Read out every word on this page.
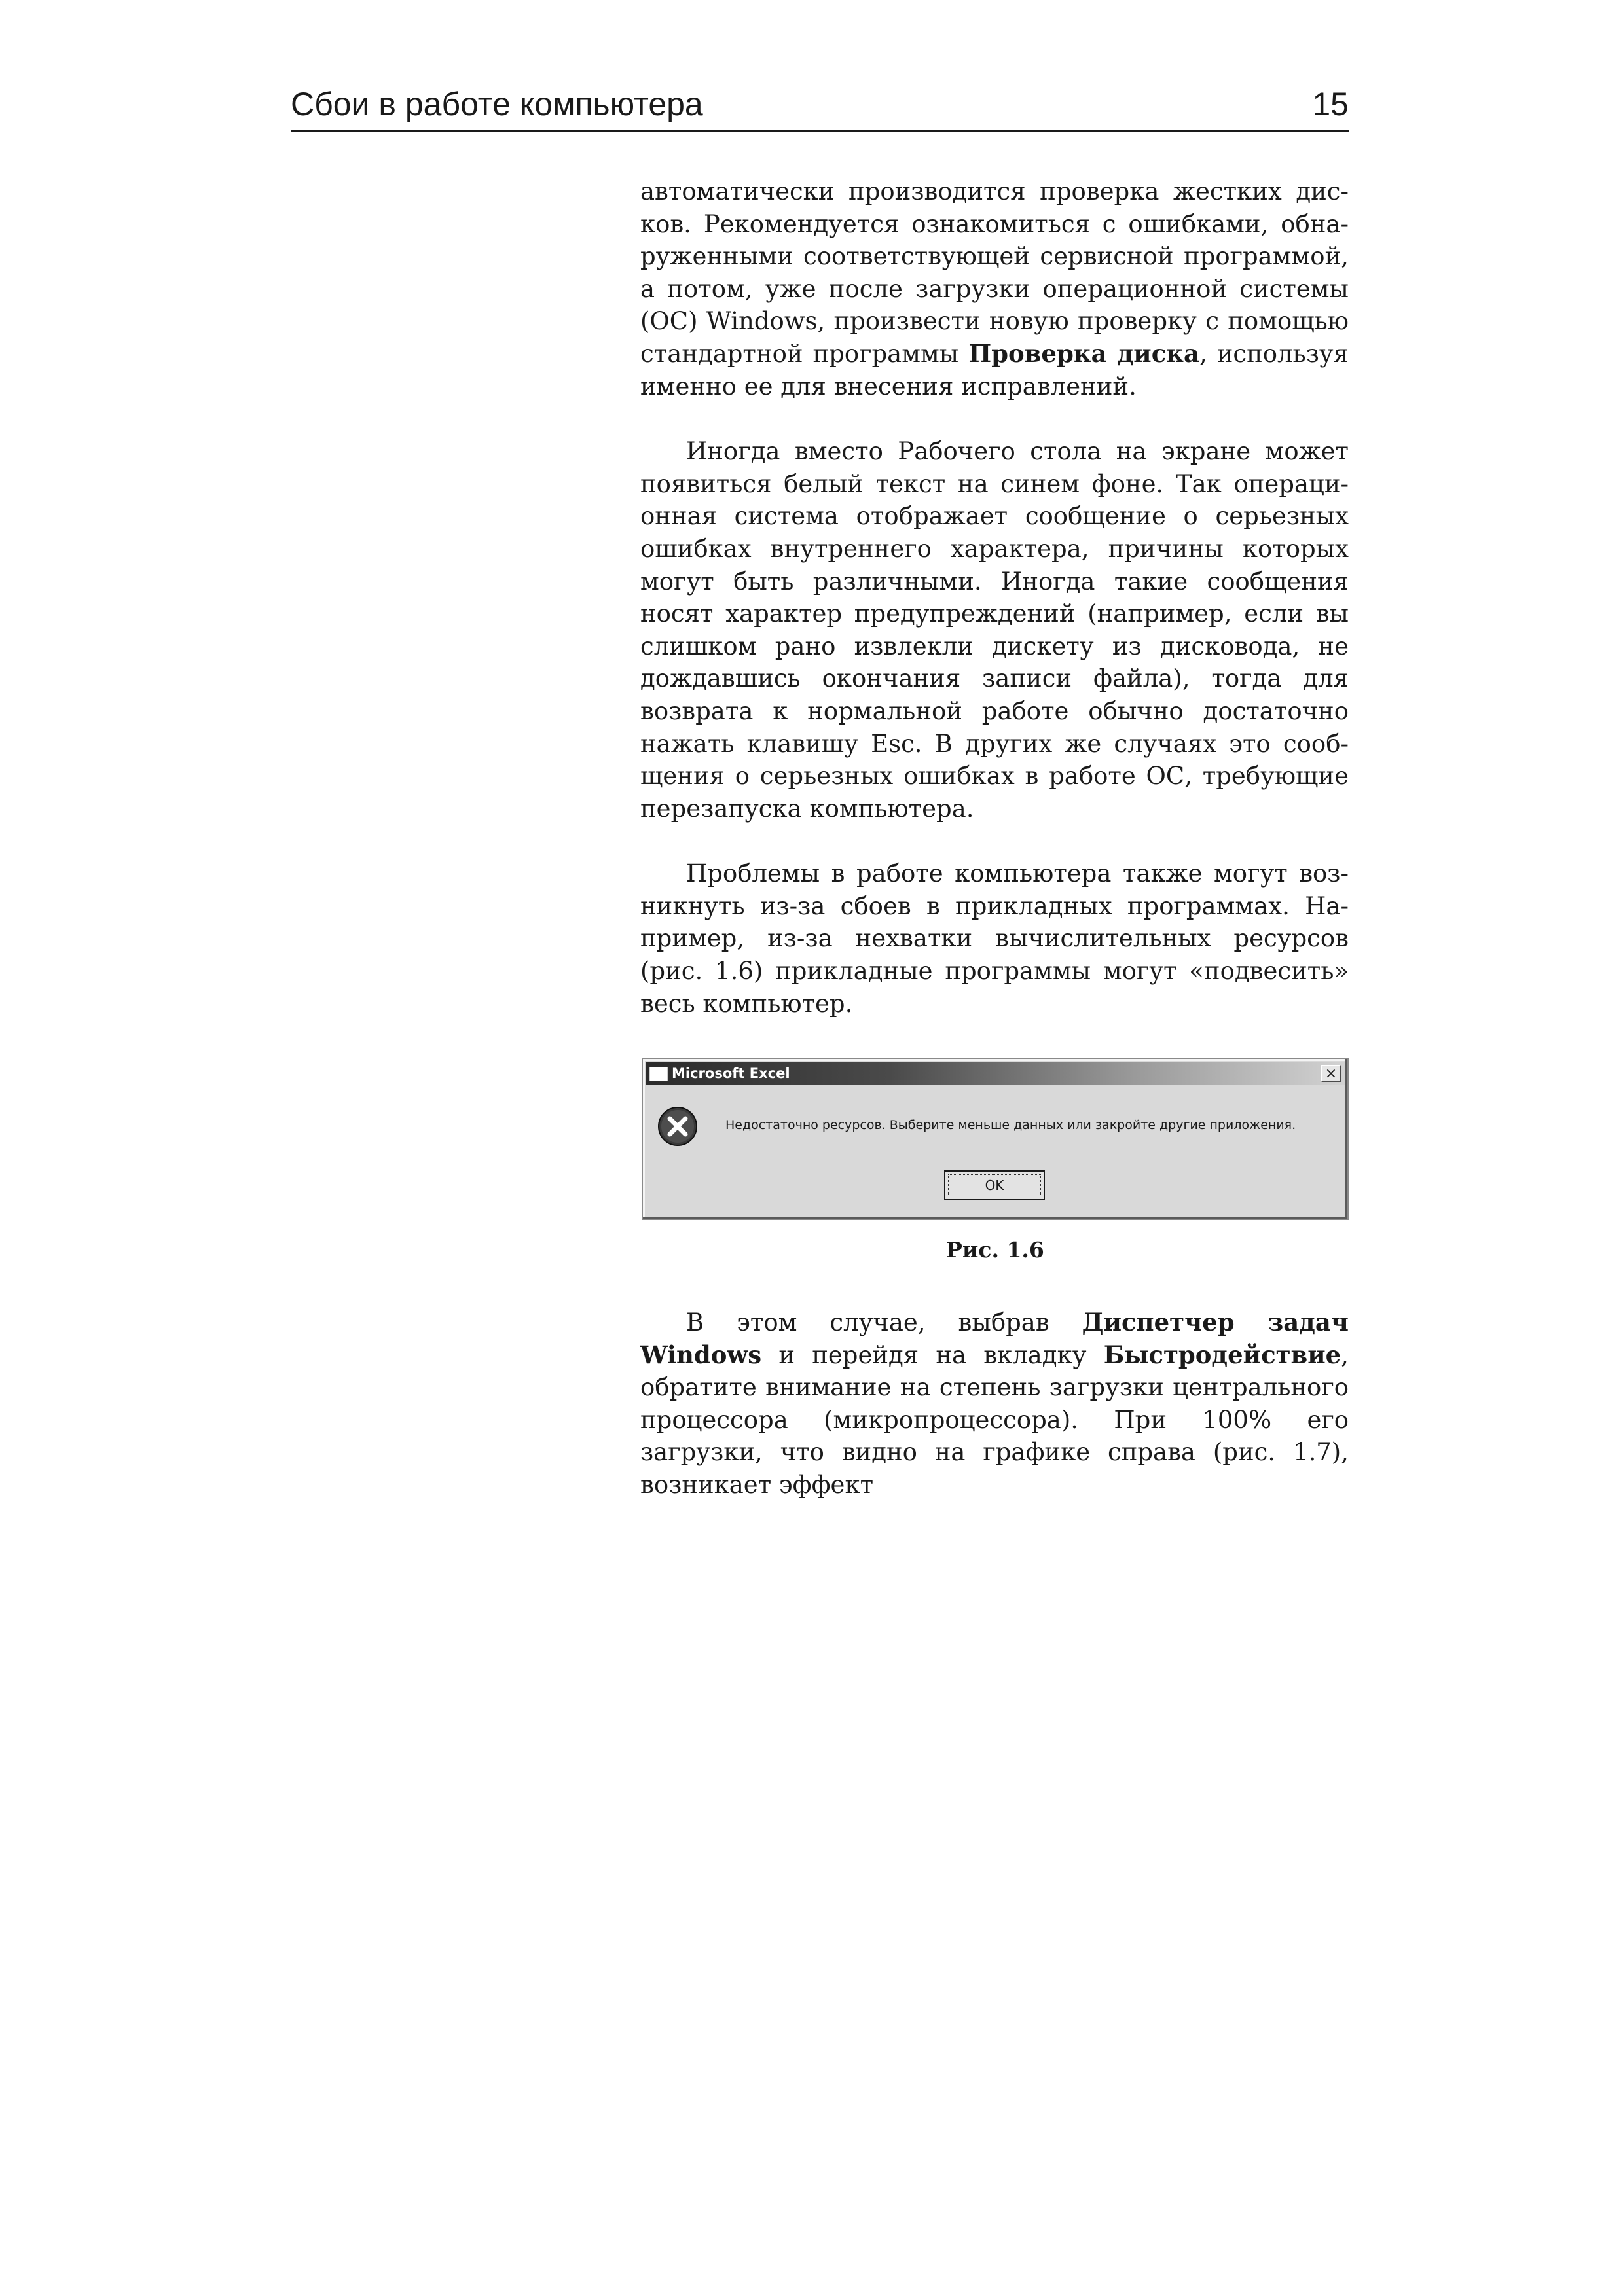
Сбои в работе компьютера	15

автоматически производится проверка жестких дисков. Рекомендуется ознакомиться с ошибками, обнаруженными соответствующей сервисной программой, а потом, уже после загрузки операционной системы (ОС) Windows, произвести новую проверку с помощью стандартной программы Проверка диска, используя именно ее для внесения исправлений.

Иногда вместо Рабочего стола на экране может появиться белый текст на синем фоне. Так операционная система отображает сообщение о серьезных ошибках внутреннего характера, причины которых могут быть различными. Иногда такие сообщения носят характер предупреждений (например, если вы слишком рано извлекли дискету из дисковода, не дождавшись окончания записи файла), тогда для возврата к нормальной работе обычно достаточно нажать клавишу Esc. В других же случаях это сообщения о серьезных ошибках в работе ОС, требующие перезапуска компьютера.

Проблемы в работе компьютера также могут возникнуть из-за сбоев в прикладных программах. Например, из-за нехватки вычислительных ресурсов (рис. 1.6) прикладные программы могут «подвесить» весь компьютер.

Microsoft Excel	×
Недостаточно ресурсов. Выберите меньше данных или закройте другие приложения.
OK
Рис. 1.6

В этом случае, выбрав Диспетчер задач Windows и перейдя на вкладку Быстродействие, обратите внимание на степень загрузки центрального процессора (микропроцессора). При 100% его загрузки, что видно на графике справа (рис. 1.7), возникает эффект
